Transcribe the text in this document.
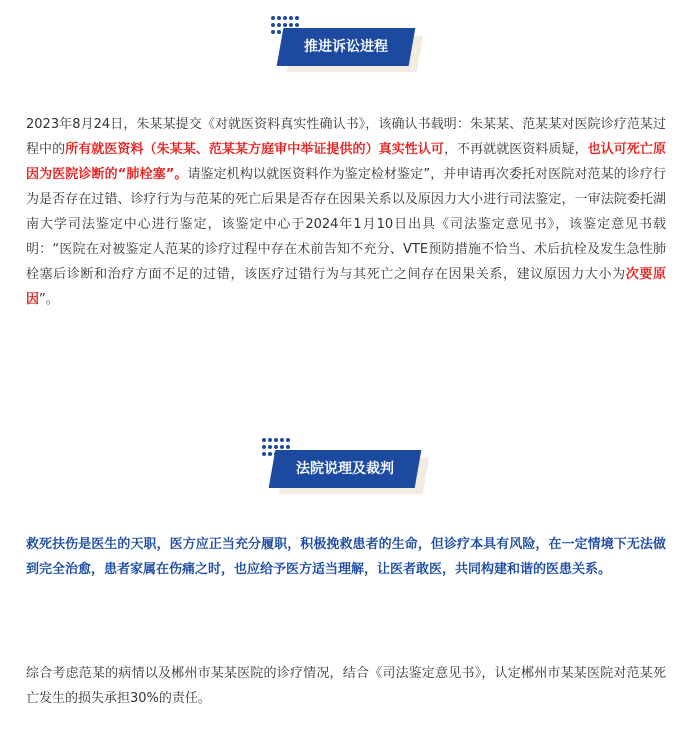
推进诉讼进程

2023年8月24日，朱某某提交《对就医资料真实性确认书》，该确认书载明：朱某某、范某某对医院诊疗范某过程中的所有就医资料（朱某某、范某某方庭审中举证提供的）真实性认可，不再就就医资料质疑，也认可死亡原因为医院诊断的“肺栓塞”。请鉴定机构以就医资料作为鉴定检材鉴定”，并申请再次委托对医院对范某的诊疗行为是否存在过错、诊疗行为与范某的死亡后果是否存在因果关系以及原因力大小进行司法鉴定，一审法院委托湖南大学司法鉴定中心进行鉴定，该鉴定中心于2024年1月10日出具《司法鉴定意见书》，该鉴定意见书载明：“医院在对被鉴定人范某的诊疗过程中存在术前告知不充分、VTE预防措施不恰当、术后抗栓及发生急性肺栓塞后诊断和治疗方面不足的过错，该医疗过错行为与其死亡之间存在因果关系，建议原因力大小为次要原因”。

法院说理及裁判

救死扶伤是医生的天职，医方应正当充分履职，积极挽救患者的生命，但诊疗本具有风险，在一定情境下无法做到完全治愈，患者家属在伤痛之时，也应给予医方适当理解，让医者敢医，共同构建和谐的医患关系。

综合考虑范某的病情以及郴州市某某医院的诊疗情况，结合《司法鉴定意见书》，认定郴州市某某医院对范某死亡发生的损失承担30%的责任。
